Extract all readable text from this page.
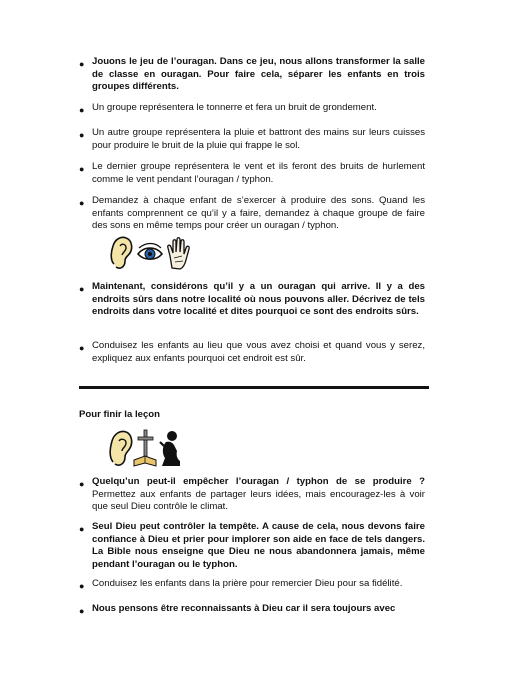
● Jouons le jeu de l’ouragan. Dans ce jeu, nous allons transformer la salle de classe en ouragan. Pour faire cela, séparer les enfants en trois groupes différents.
● Un groupe représentera le tonnerre et fera un bruit de grondement.
● Un autre groupe représentera la pluie et battront des mains sur leurs cuisses pour produire le bruit de la pluie qui frappe le sol.
● Le dernier groupe représentera le vent et ils feront des bruits de hurlement comme le vent pendant l’ouragan / typhon.
● Demandez à chaque enfant de s’exercer à produire des sons. Quand les enfants comprennent ce qu’il y a faire, demandez à chaque groupe de faire des sons en même temps pour créer un ouragan / typhon.
● Maintenant, considérons qu’il y a un ouragan qui arrive. Il y a des endroits sûrs dans notre localité où nous pouvons aller. Décrivez de tels endroits dans votre localité et dites pourquoi ce sont des endroits sûrs.
● Conduisez les enfants au lieu que vous avez choisi et quand vous y serez, expliquez aux enfants pourquoi cet endroit est sûr.
Pour finir la leçon
● Quelqu’un peut-il empêcher l’ouragan / typhon de se produire ? Permettez aux enfants de partager leurs idées, mais encouragez-les à voir que seul Dieu contrôle le climat.
● Seul Dieu peut contrôler la tempête. A cause de cela, nous devons faire confiance à Dieu et prier pour implorer son aide en face de tels dangers. La Bible nous enseigne que Dieu ne nous abandonnera jamais, même pendant l’ouragan ou le typhon.
● Conduisez les enfants dans la prière pour remercier Dieu pour sa fidélité.
● Nous pensons être reconnaissants à Dieu car il sera toujours avec
